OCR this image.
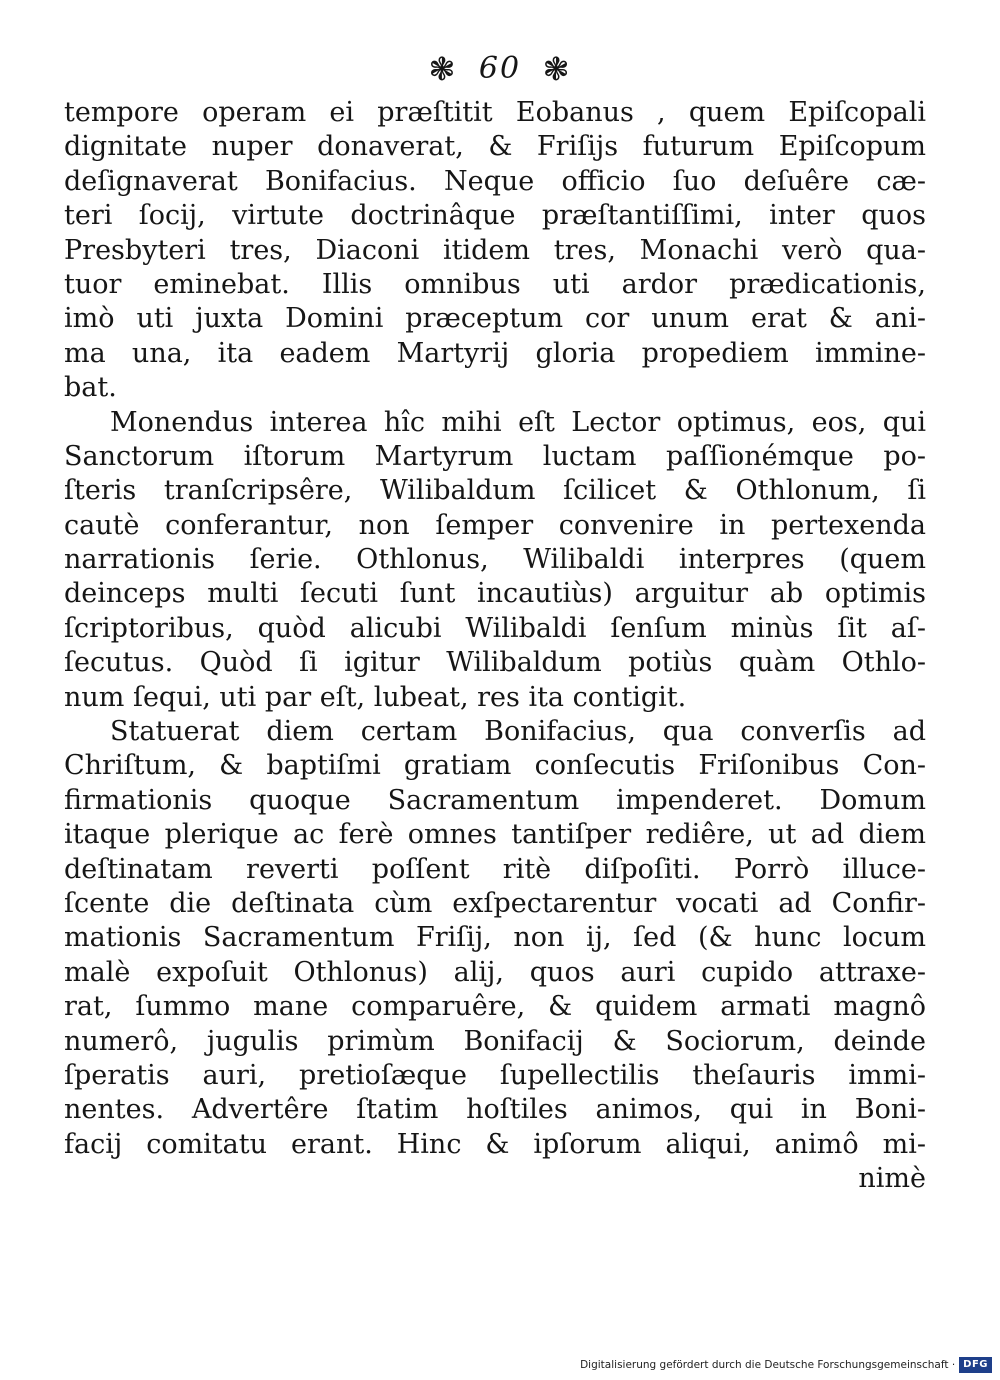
❃ 60 ❃
tempore operam ei præſtitit Eobanus , quem Epiſcopali
dignitate nuper donaverat, & Friſijs futurum Epiſcopum
deſignaverat Bonifacius. Neque officio ſuo deſuêre cæ-
teri ſocij, virtute doctrinâque præſtantiſſimi, inter quos
Presbyteri tres, Diaconi itidem tres, Monachi verò qua-
tuor eminebat. Illis omnibus uti ardor prædicationis,
imò uti juxta Domini præceptum cor unum erat & ani-
ma una, ita eadem Martyrij gloria propediem immine-
bat.
Monendus interea hîc mihi eſt Lector optimus, eos, qui
Sanctorum iſtorum Martyrum luctam paſſionémque po-
ſteris tranſcripsêre, Wilibaldum ſcilicet & Othlonum, ſi
cautè conferantur, non ſemper convenire in pertexenda
narrationis ſerie. Othlonus, Wilibaldi interpres (quem
deinceps multi ſecuti ſunt incautiùs) arguitur ab optimis
ſcriptoribus, quòd alicubi Wilibaldi ſenſum minùs ſit aſ-
ſecutus. Quòd ſi igitur Wilibaldum potiùs quàm Othlo-
num ſequi, uti par eſt, lubeat, res ita contigit.
Statuerat diem certam Bonifacius, qua converſis ad
Chriſtum, & baptiſmi gratiam conſecutis Friſonibus Con-
firmationis quoque Sacramentum impenderet. Domum
itaque plerique ac ferè omnes tantiſper rediêre, ut ad diem
deſtinatam reverti poſſent ritè diſpoſiti. Porrò illuce-
ſcente die deſtinata cùm exſpectarentur vocati ad Confir-
mationis Sacramentum Friſij, non ij, ſed (& hunc locum
malè expoſuit Othlonus) alij, quos auri cupido attraxe-
rat, ſummo mane comparuêre, & quidem armati magnô
numerô, jugulis primùm Bonifacij & Sociorum, deinde
ſperatis auri, pretioſæque ſupellectilis theſauris immi-
nentes. Advertêre ſtatim hoſtiles animos, qui in Boni-
facij comitatu erant. Hinc & ipſorum aliqui, animô mi-
nimè
Digitalisierung gefördert durch die Deutsche Forschungsgemeinschaft · DFG
